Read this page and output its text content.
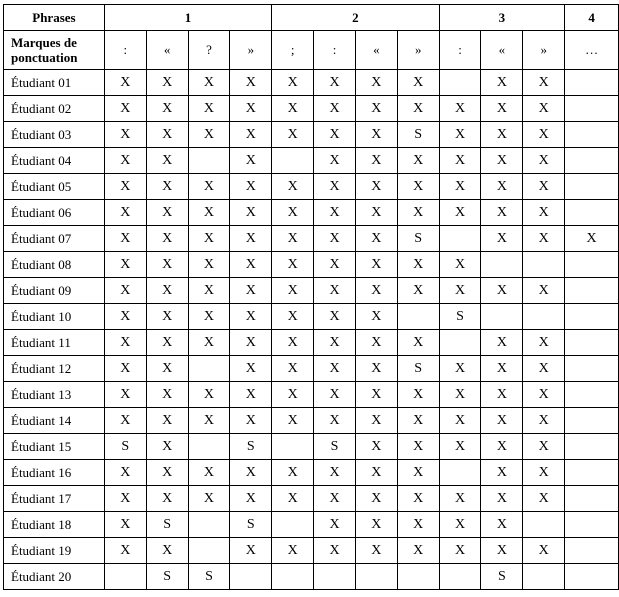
Phrases	1				2				3			4
Marques de ponctuation	:	«	?	»	;	:	«	»	:	«	»	…
Étudiant 01	X	X	X	X	X	X	X	X		X	X	
Étudiant 02	X	X	X	X	X	X	X	X	X	X	X	
Étudiant 03	X	X	X	X	X	X	X	S	X	X	X	
Étudiant 04	X	X		X		X	X	X	X	X	X	
Étudiant 05	X	X	X	X	X	X	X	X	X	X	X	
Étudiant 06	X	X	X	X	X	X	X	X	X	X	X	
Étudiant 07	X	X	X	X	X	X	X	S		X	X	X
Étudiant 08	X	X	X	X	X	X	X	X	X			
Étudiant 09	X	X	X	X	X	X	X	X	X	X	X	
Étudiant 10	X	X	X	X	X	X	X		S			
Étudiant 11	X	X	X	X	X	X	X	X		X	X	
Étudiant 12	X	X		X	X	X	X	S	X	X	X	
Étudiant 13	X	X	X	X	X	X	X	X	X	X	X	
Étudiant 14	X	X	X	X	X	X	X	X	X	X	X	
Étudiant 15	S	X		S		S	X	X	X	X	X	
Étudiant 16	X	X	X	X	X	X	X	X		X	X	
Étudiant 17	X	X	X	X	X	X	X	X	X	X	X	
Étudiant 18	X	S		S		X	X	X	X	X		
Étudiant 19	X	X		X	X	X	X	X	X	X	X	
Étudiant 20		S	S							S		
